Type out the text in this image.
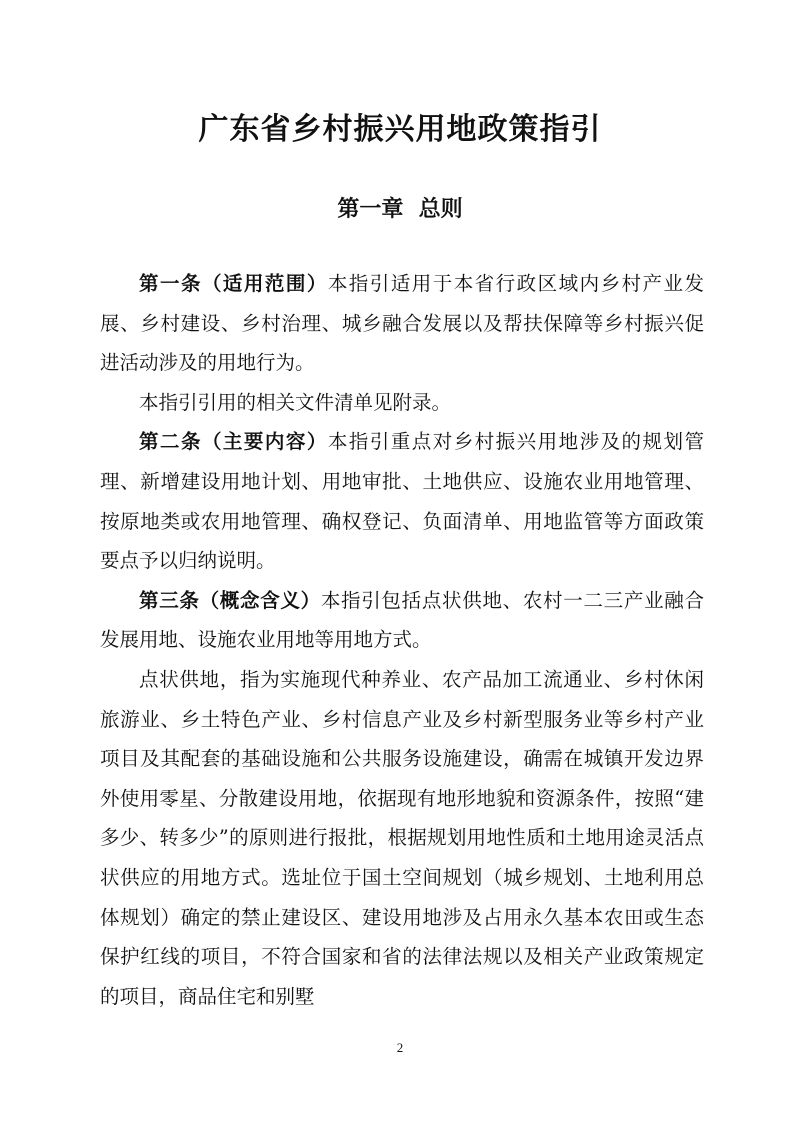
广东省乡村振兴用地政策指引
第一章  总则

第一条（适用范围）本指引适用于本省行政区域内乡村产业发展、乡村建设、乡村治理、城乡融合发展以及帮扶保障等乡村振兴促进活动涉及的用地行为。

本指引引用的相关文件清单见附录。

第二条（主要内容）本指引重点对乡村振兴用地涉及的规划管理、新增建设用地计划、用地审批、土地供应、设施农业用地管理、按原地类或农用地管理、确权登记、负面清单、用地监管等方面政策要点予以归纳说明。

第三条（概念含义）本指引包括点状供地、农村一二三产业融合发展用地、设施农业用地等用地方式。

点状供地，指为实施现代种养业、农产品加工流通业、乡村休闲旅游业、乡土特色产业、乡村信息产业及乡村新型服务业等乡村产业项目及其配套的基础设施和公共服务设施建设，确需在城镇开发边界外使用零星、分散建设用地，依据现有地形地貌和资源条件，按照“建多少、转多少”的原则进行报批，根据规划用地性质和土地用途灵活点状供应的用地方式。选址位于国土空间规划（城乡规划、土地利用总体规划）确定的禁止建设区、建设用地涉及占用永久基本农田或生态保护红线的项目，不符合国家和省的法律法规以及相关产业政策规定的项目，商品住宅和别墅

2
